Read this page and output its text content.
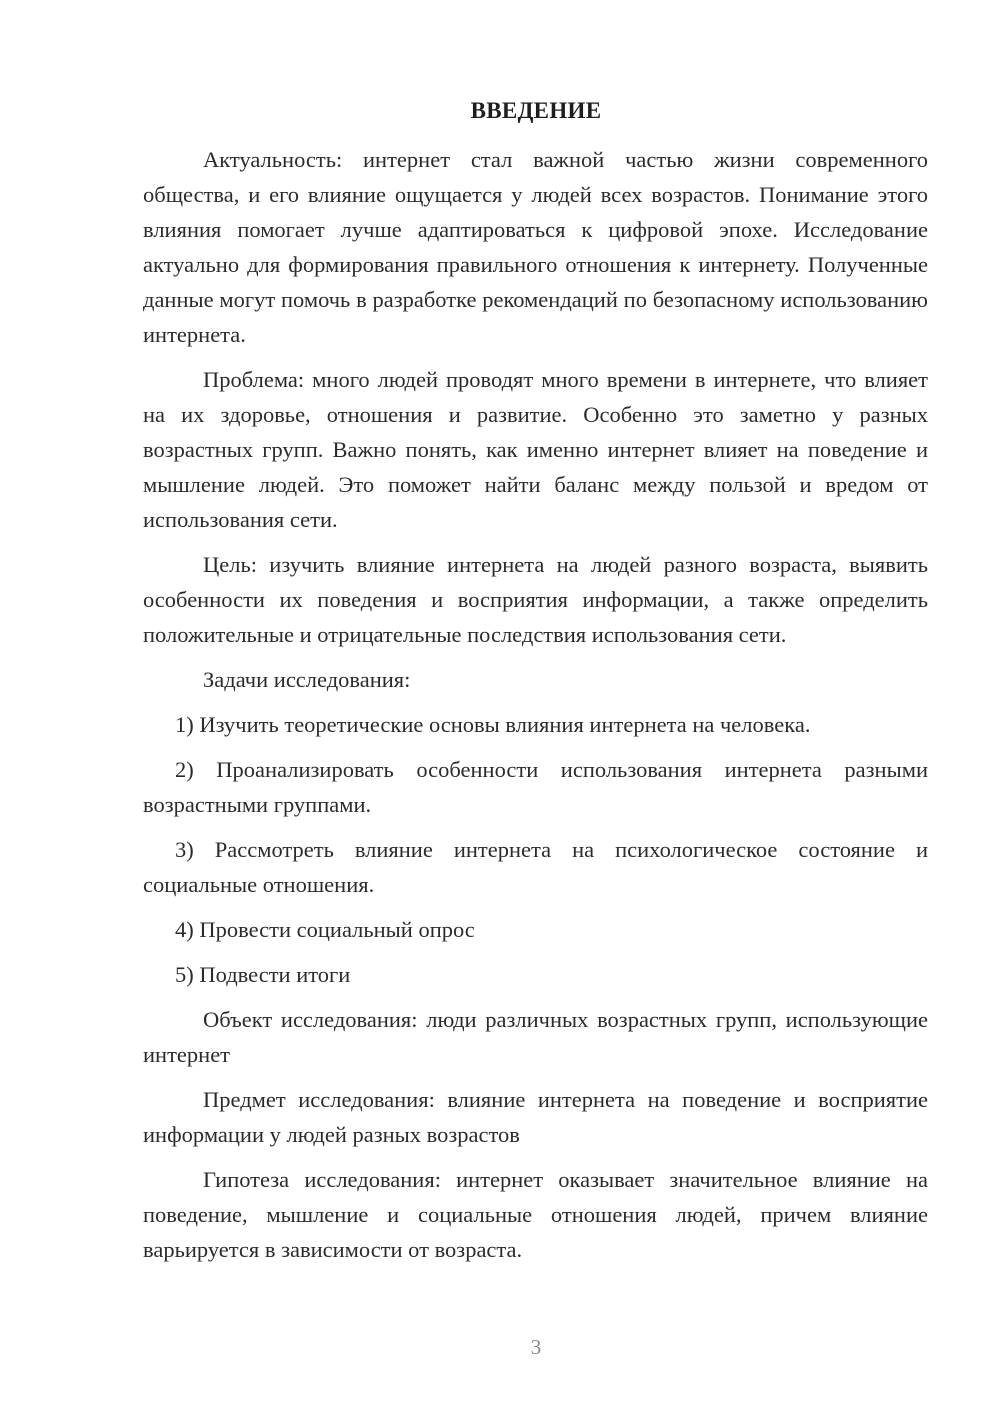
ВВЕДЕНИЕ

Актуальность: интернет стал важной частью жизни современного общества, и его влияние ощущается у людей всех возрастов. Понимание этого влияния помогает лучше адаптироваться к цифровой эпохе. Исследование актуально для формирования правильного отношения к интернету. Полученные данные могут помочь в разработке рекомендаций по безопасному использованию интернета.

Проблема: много людей проводят много времени в интернете, что влияет на их здоровье, отношения и развитие. Особенно это заметно у разных возрастных групп. Важно понять, как именно интернет влияет на поведение и мышление людей. Это поможет найти баланс между пользой и вредом от использования сети.

Цель: изучить влияние интернета на людей разного возраста, выявить особенности их поведения и восприятия информации, а также определить положительные и отрицательные последствия использования сети.

Задачи исследования:

1) Изучить теоретические основы влияния интернета на человека.

2) Проанализировать особенности использования интернета разными возрастными группами.

3) Рассмотреть влияние интернета на психологическое состояние и социальные отношения.

4) Провести социальный опрос

5) Подвести итоги

Объект исследования: люди различных возрастных групп, использующие интернет

Предмет исследования: влияние интернета на поведение и восприятие информации у людей разных возрастов

Гипотеза исследования: интернет оказывает значительное влияние на поведение, мышление и социальные отношения людей, причем влияние варьируется в зависимости от возраста.

3
